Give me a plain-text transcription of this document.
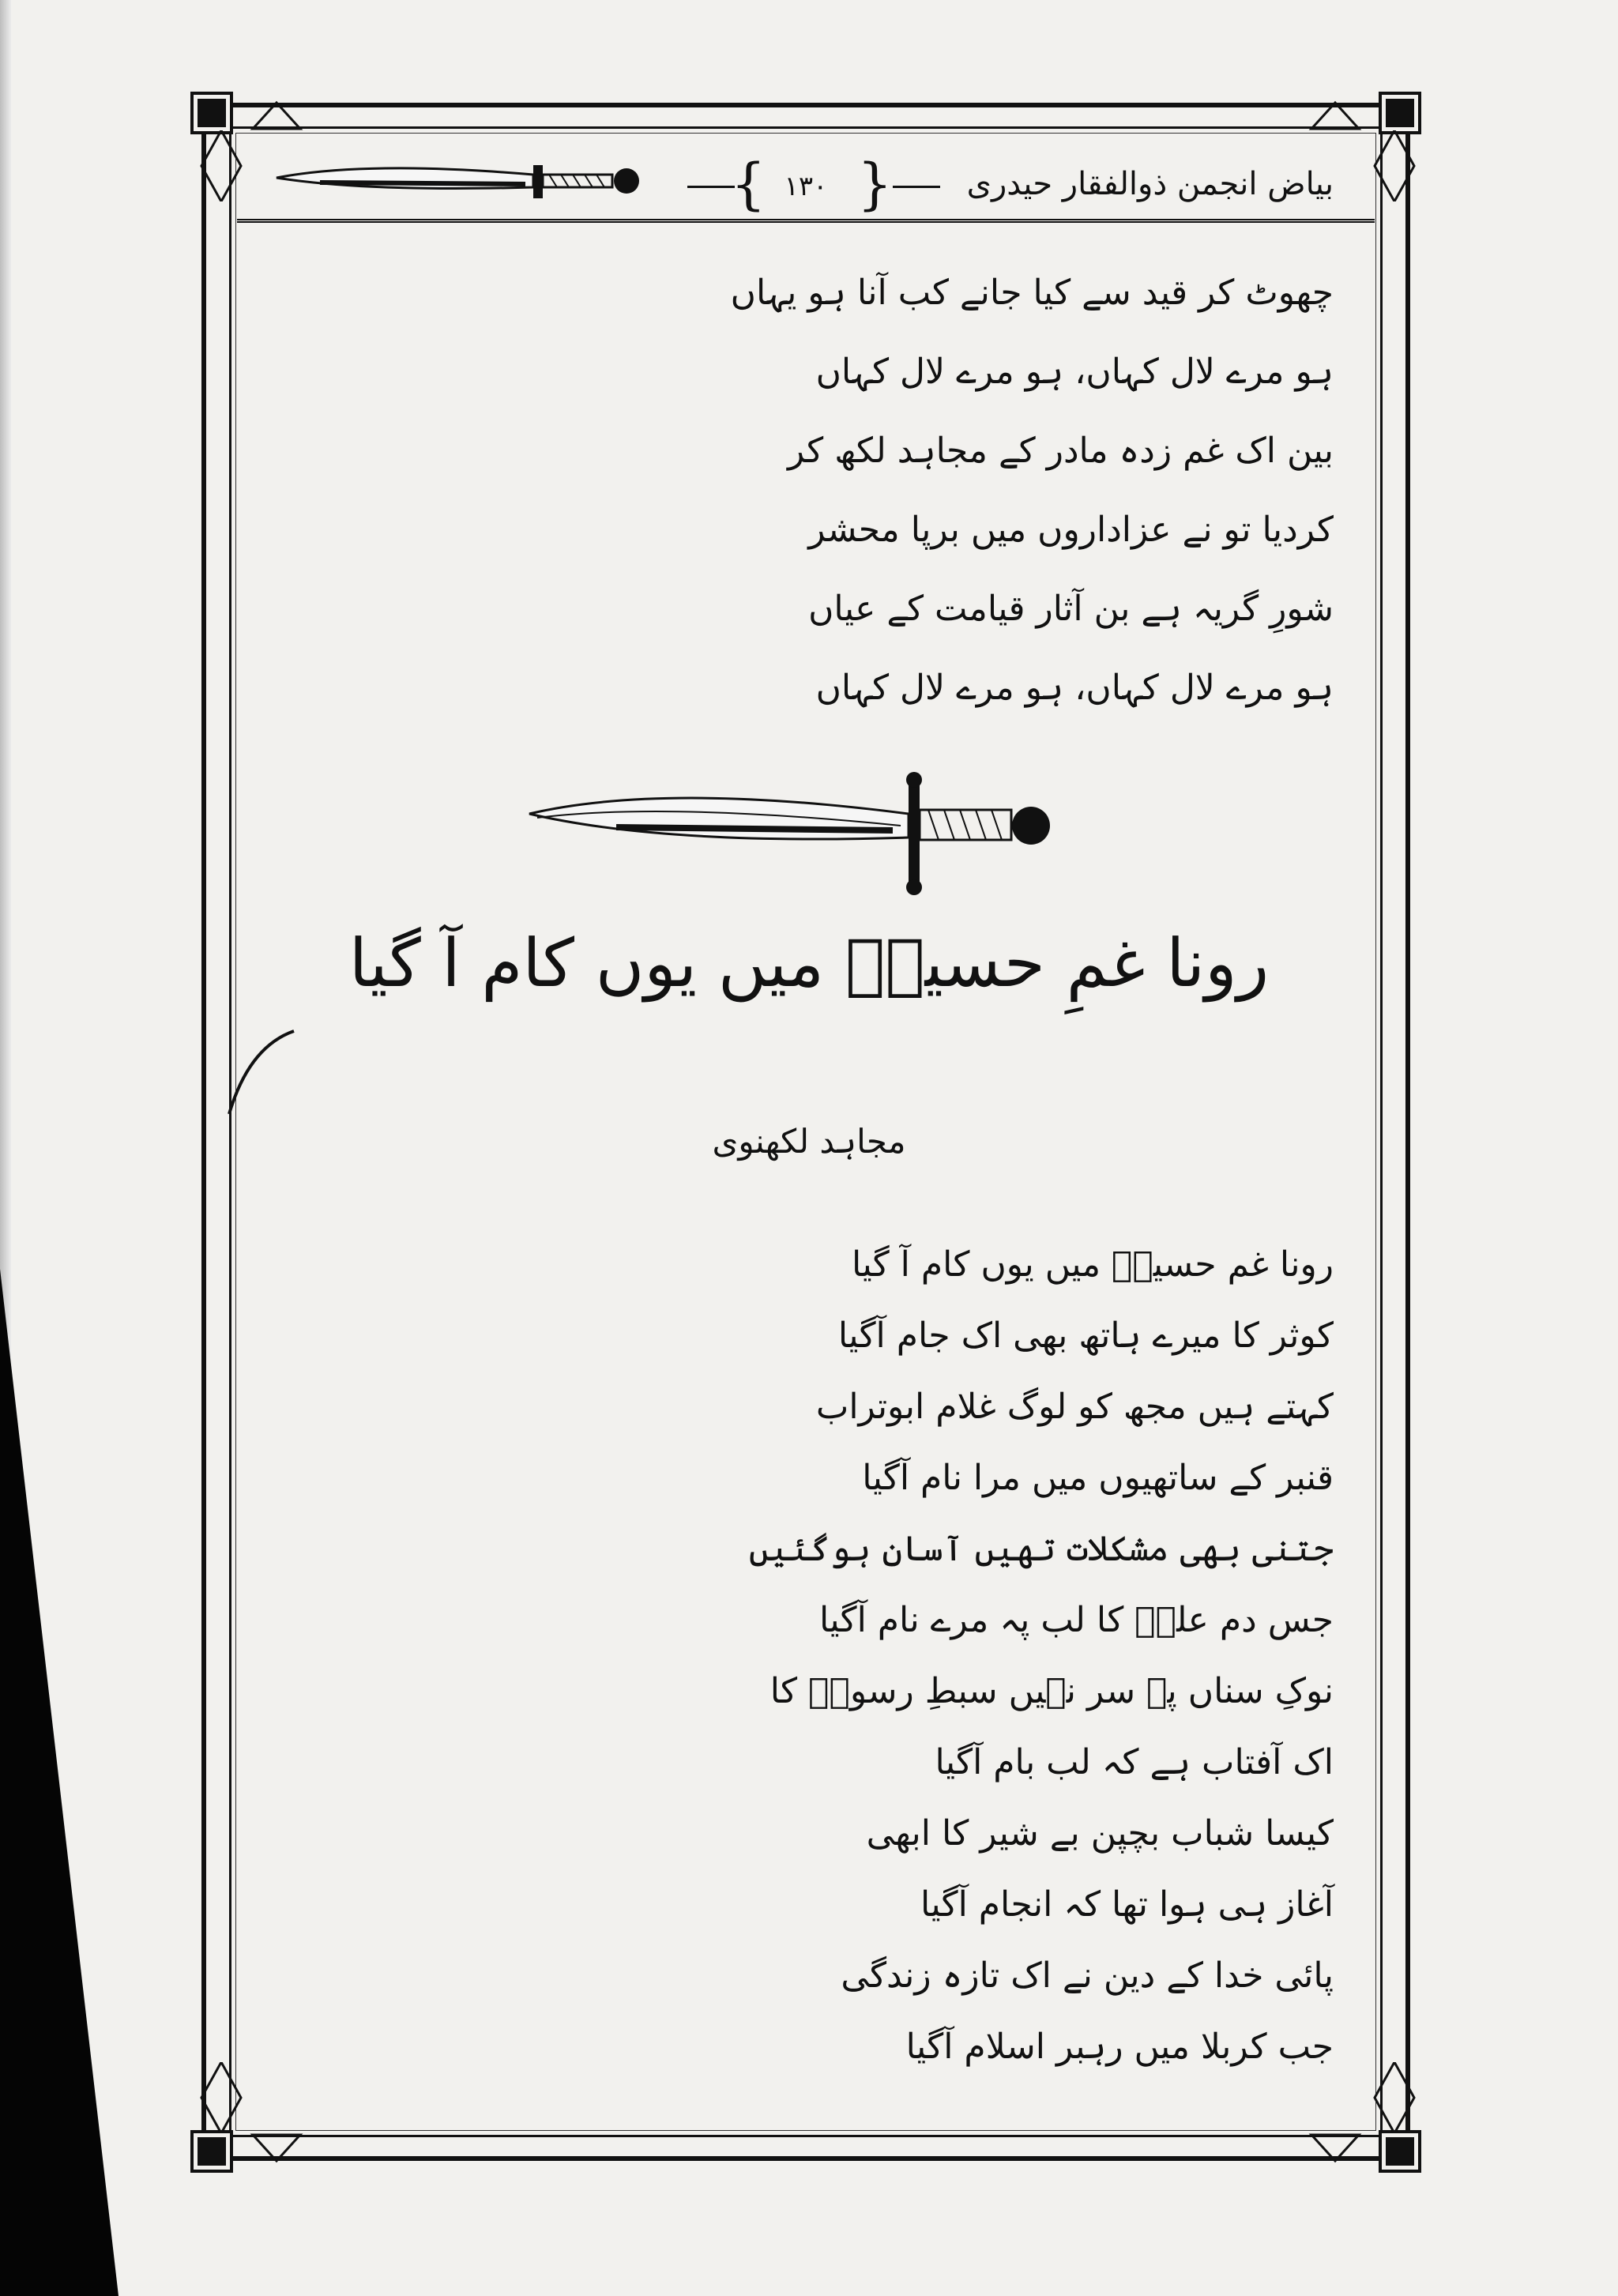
{ ۱۳۰ } بیاض انجمن ذوالفقار حیدری
چھوٹ کر قید سے کیا جانے کب آنا ہو یہاں
ہو مرے لال کہاں، ہو مرے لال کہاں
بین اک غم زدہ مادر کے مجاہد لکھ کر
کردیا تو نے عزاداروں میں برپا محشر
شورِ گریہ ہے بن آثار قیامت کے عیاں
ہو مرے لال کہاں، ہو مرے لال کہاں
رونا غمِ حسینؑ میں یوں کام آ گیا
مجاہد لکھنوی
رونا غم حسینؑ میں یوں کام آ گیا
کوثر کا میرے ہاتھ بھی اک جام آگیا
کہتے ہیں مجھ کو لوگ غلام ابوتراب
قنبر کے ساتھیوں میں مرا نام آگیا
جتنی بھی مشکلات تھیں آسان ہوگئیں
جس دم علیؑ کا لب پہ مرے نام آگیا
نوکِ سناں پہ سر نہیں سبطِ رسولؐ کا
اک آفتاب ہے کہ لب بام آگیا
کیسا شباب بچپن بے شیر کا ابھی
آغاز ہی ہوا تھا کہ انجام آگیا
پائی خدا کے دین نے اک تازہ زندگی
جب کربلا میں رہبر اسلام آگیا
